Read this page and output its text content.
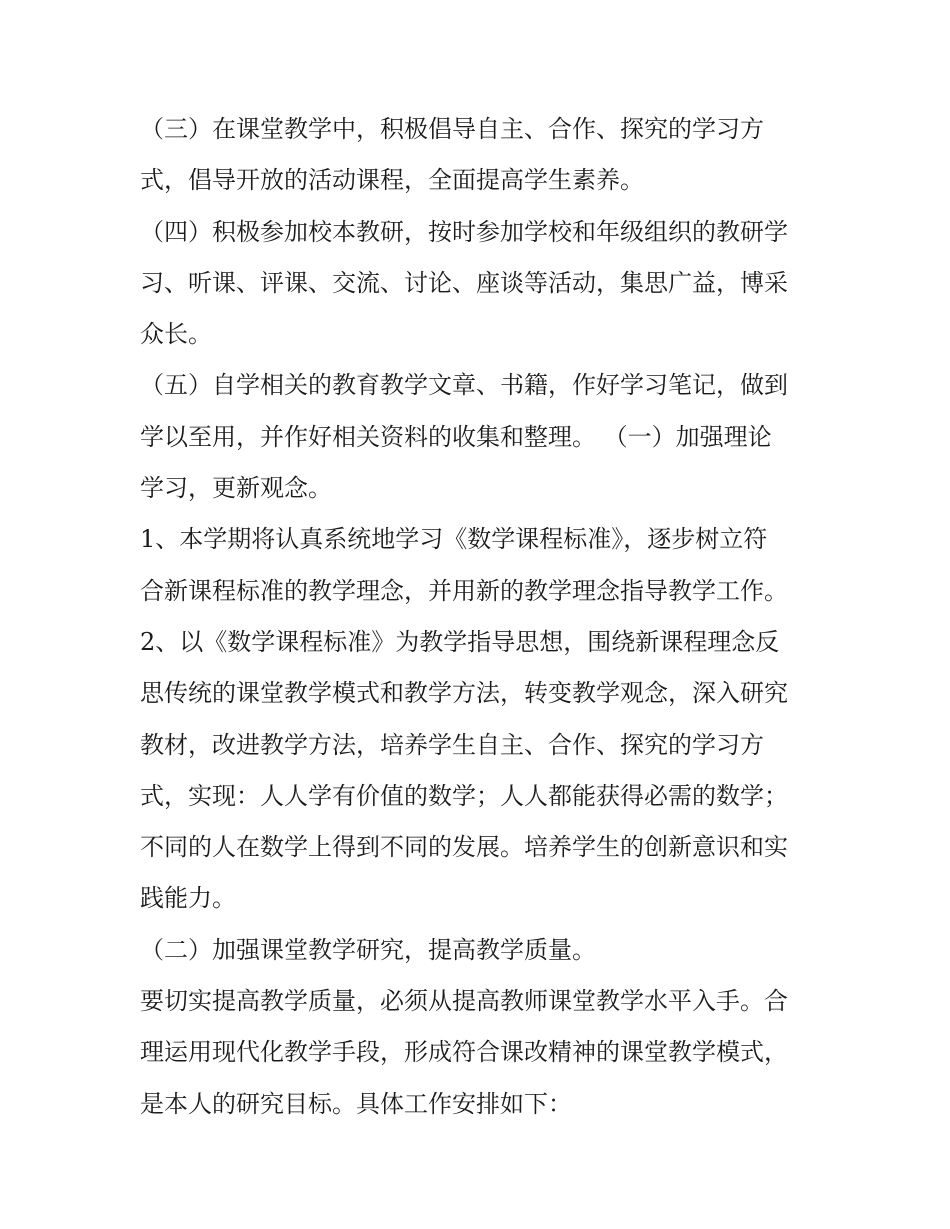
（三）在课堂教学中，积极倡导自主、合作、探究的学习方
式，倡导开放的活动课程，全面提高学生素养。

（四）积极参加校本教研，按时参加学校和年级组织的教研学
习、听课、评课、交流、讨论、座谈等活动，集思广益，博采
众长。

（五）自学相关的教育教学文章、书籍，作好学习笔记，做到
学以至用，并作好相关资料的收集和整理。 （一）加强理论
学习，更新观念。

1、本学期将认真系统地学习《数学课程标准》，逐步树立符
合新课程标准的教学理念，并用新的教学理念指导教学工作。

2、以《数学课程标准》为教学指导思想，围绕新课程理念反
思传统的课堂教学模式和教学方法，转变教学观念，深入研究
教材，改进教学方法，培养学生自主、合作、探究的学习方
式，实现：人人学有价值的数学；人人都能获得必需的数学；
不同的人在数学上得到不同的发展。培养学生的创新意识和实
践能力。

（二）加强课堂教学研究，提高教学质量。

要切实提高教学质量，必须从提高教师课堂教学水平入手。合
理运用现代化教学手段，形成符合课改精神的课堂教学模式，
是本人的研究目标。具体工作安排如下：
